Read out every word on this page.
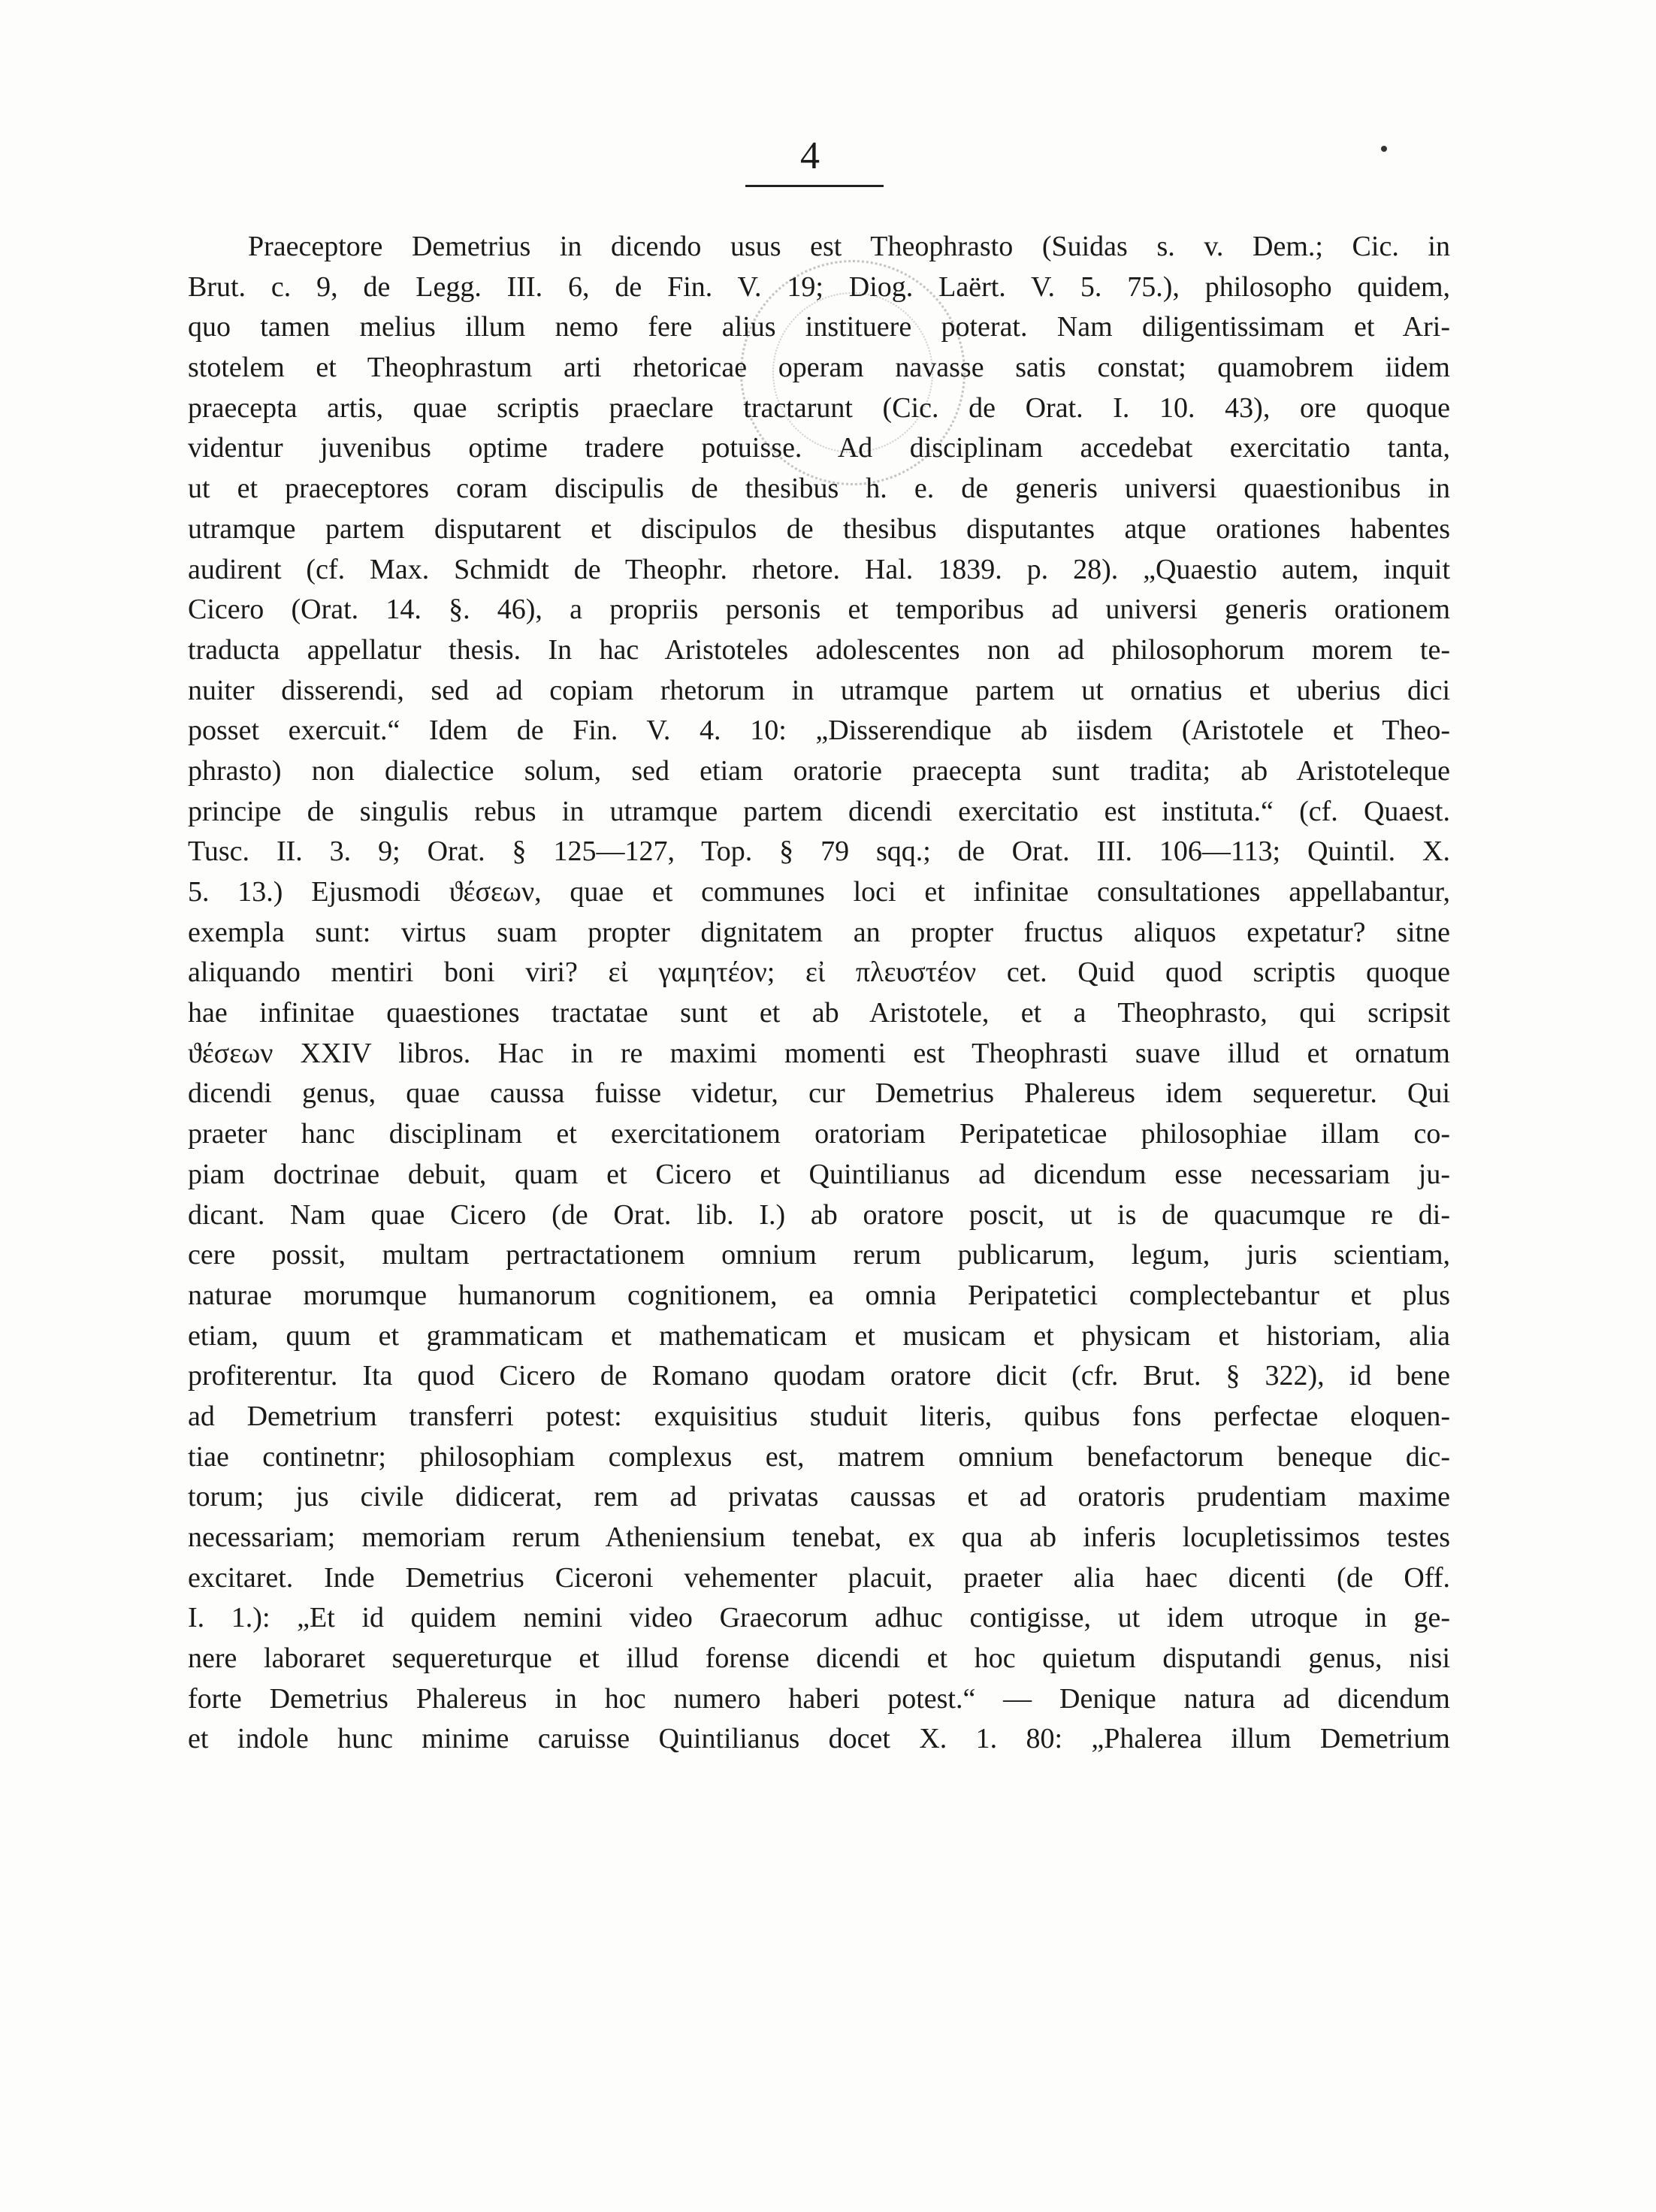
4
Praeceptore Demetrius in dicendo usus est Theophrasto (Suidas s. v. Dem.; Cic. in
Brut. c. 9, de Legg. III. 6, de Fin. V. 19; Diog. Laërt. V. 5. 75.), philosopho quidem,
quo tamen melius illum nemo fere alius instituere poterat. Nam diligentissimam et Ari-
stotelem et Theophrastum arti rhetoricae operam navasse satis constat; quamobrem iidem
praecepta artis, quae scriptis praeclare tractarunt (Cic. de Orat. I. 10. 43), ore quoque
videntur juvenibus optime tradere potuisse. Ad disciplinam accedebat exercitatio tanta,
ut et praeceptores coram discipulis de thesibus h. e. de generis universi quaestionibus in
utramque partem disputarent et discipulos de thesibus disputantes atque orationes habentes
audirent (cf. Max. Schmidt de Theophr. rhetore. Hal. 1839. p. 28). „Quaestio autem, inquit
Cicero (Orat. 14. §. 46), a propriis personis et temporibus ad universi generis orationem
traducta appellatur thesis. In hac Aristoteles adolescentes non ad philosophorum morem te-
nuiter disserendi, sed ad copiam rhetorum in utramque partem ut ornatius et uberius dici
posset exercuit.“ Idem de Fin. V. 4. 10: „Disserendique ab iisdem (Aristotele et Theo-
phrasto) non dialectice solum, sed etiam oratorie praecepta sunt tradita; ab Aristoteleque
principe de singulis rebus in utramque partem dicendi exercitatio est instituta.“ (cf. Quaest.
Tusc. II. 3. 9; Orat. § 125—127, Top. § 79 sqq.; de Orat. III. 106—113; Quintil. X.
5. 13.) Ejusmodi ϑέσεων, quae et communes loci et infinitae consultationes appellabantur,
exempla sunt: virtus suam propter dignitatem an propter fructus aliquos expetatur? sitne
aliquando mentiri boni viri? εἰ γαμητέον; εἰ πλευστέον cet. Quid quod scriptis quoque
hae infinitae quaestiones tractatae sunt et ab Aristotele, et a Theophrasto, qui scripsit
ϑέσεων XXIV libros. Hac in re maximi momenti est Theophrasti suave illud et ornatum
dicendi genus, quae caussa fuisse videtur, cur Demetrius Phalereus idem sequeretur. Qui
praeter hanc disciplinam et exercitationem oratoriam Peripateticae philosophiae illam co-
piam doctrinae debuit, quam et Cicero et Quintilianus ad dicendum esse necessariam ju-
dicant. Nam quae Cicero (de Orat. lib. I.) ab oratore poscit, ut is de quacumque re di-
cere possit, multam pertractationem omnium rerum publicarum, legum, juris scientiam,
naturae morumque humanorum cognitionem, ea omnia Peripatetici complectebantur et plus
etiam, quum et grammaticam et mathematicam et musicam et physicam et historiam, alia
profiterentur. Ita quod Cicero de Romano quodam oratore dicit (cfr. Brut. § 322), id bene
ad Demetrium transferri potest: exquisitius studuit literis, quibus fons perfectae eloquen-
tiae continetnr; philosophiam complexus est, matrem omnium benefactorum beneque dic-
torum; jus civile didicerat, rem ad privatas caussas et ad oratoris prudentiam maxime
necessariam; memoriam rerum Atheniensium tenebat, ex qua ab inferis locupletissimos testes
excitaret. Inde Demetrius Ciceroni vehementer placuit, praeter alia haec dicenti (de Off.
I. 1.): „Et id quidem nemini video Graecorum adhuc contigisse, ut idem utroque in ge-
nere laboraret sequereturque et illud forense dicendi et hoc quietum disputandi genus, nisi
forte Demetrius Phalereus in hoc numero haberi potest.“ — Denique natura ad dicendum
et indole hunc minime caruisse Quintilianus docet X. 1. 80: „Phalerea illum Demetrium
